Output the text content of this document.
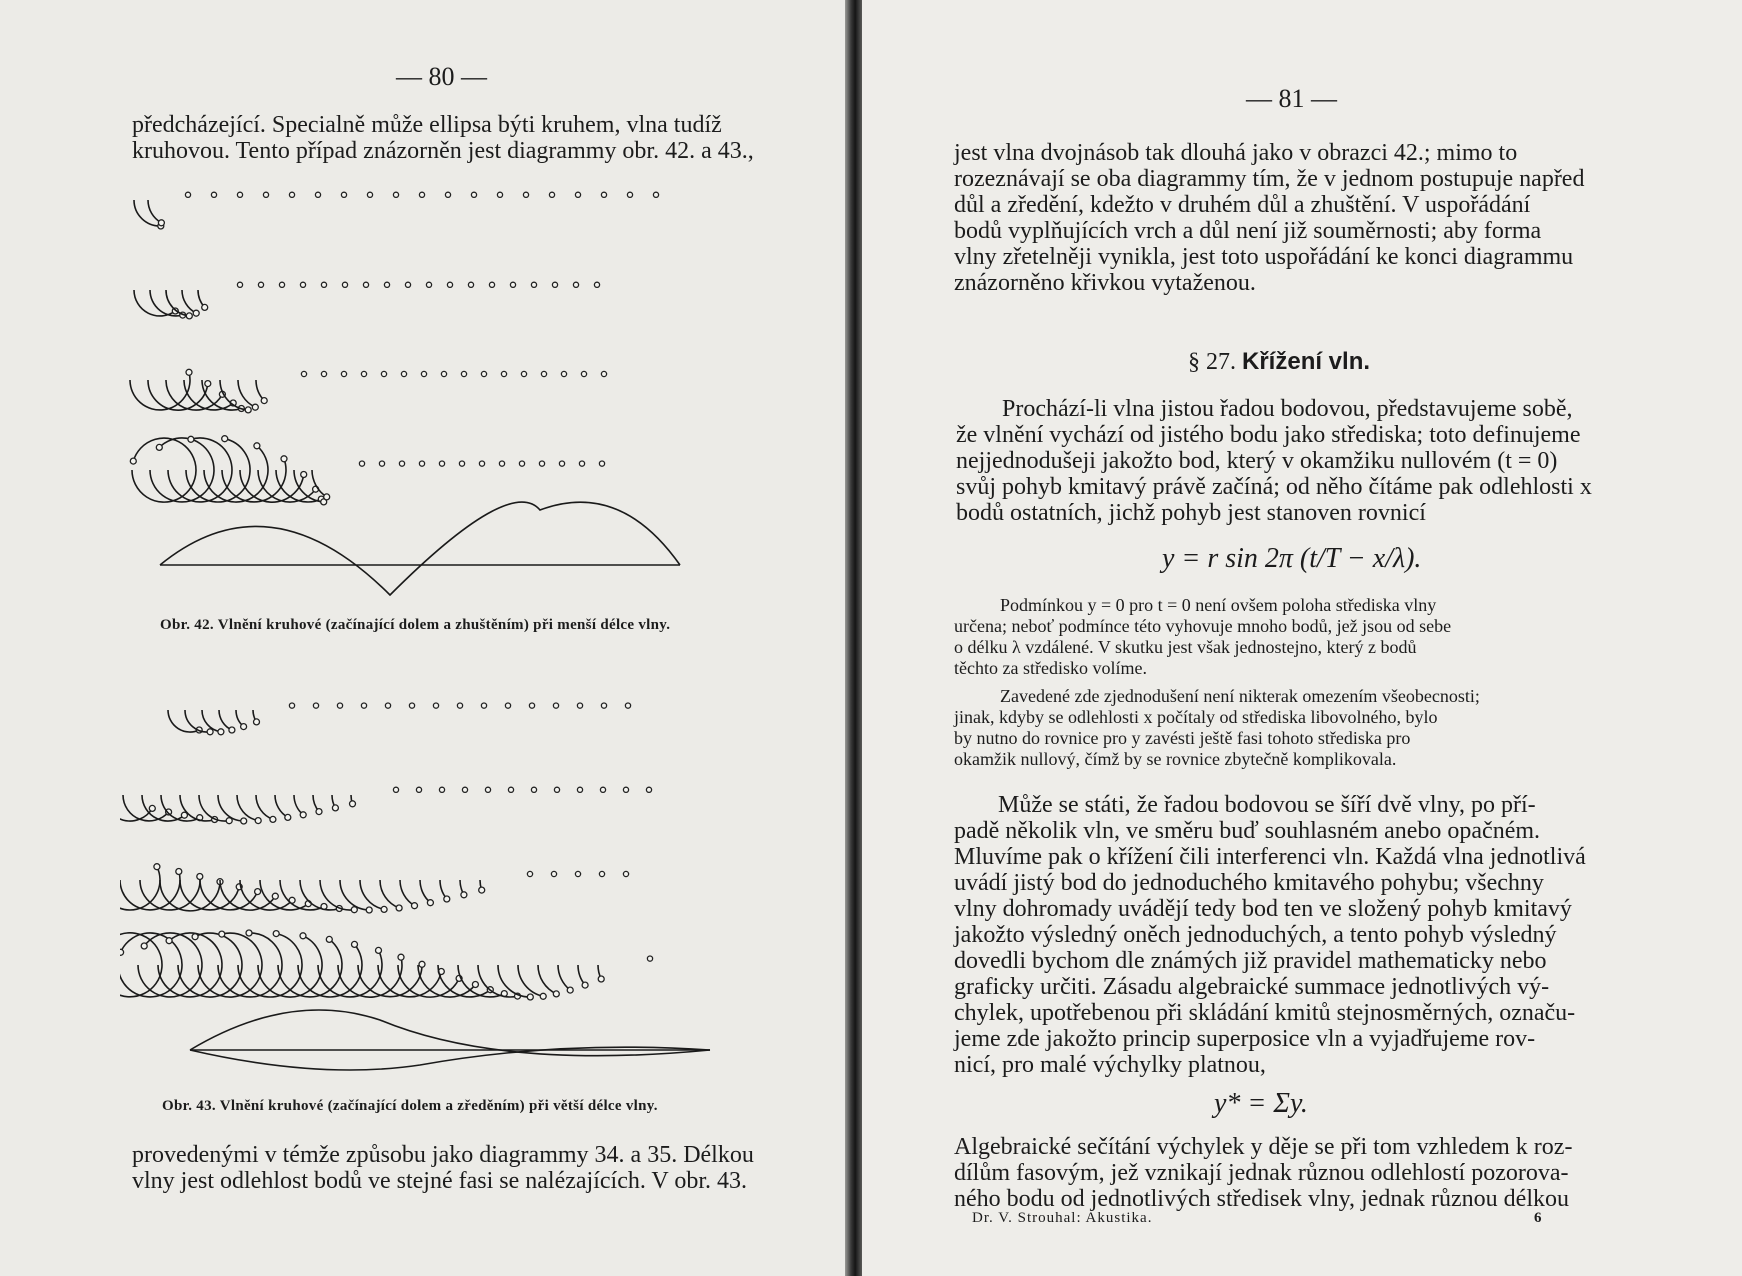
— 80 —
předcházející. Specialně může ellipsa býti kruhem, vlna tudíž
kruhovou. Tento případ znázorněn jest diagrammy obr. 42. a 43.,
Obr. 42. Vlnění kruhové (začínající dolem a zhuštěním) při menší délce vlny.
Obr. 43. Vlnění kruhové (začínající dolem a zředěním) při větší délce vlny.
provedenými v témže způsobu jako diagrammy 34. a 35. Délkou
vlny jest odlehlost bodů ve stejné fasi se nalézajících. V obr. 43.
— 81 —
jest vlna dvojnásob tak dlouhá jako v obrazci 42.; mimo to
rozeznávají se oba diagrammy tím, že v jednom postupuje napřed
důl a zředění, kdežto v druhém důl a zhuštění. V uspořádání
bodů vyplňujících vrch a důl není již souměrnosti; aby forma
vlny zřetelněji vynikla, jest toto uspořádání ke konci diagrammu
znázorněno křivkou vytaženou.
§ 27. Křížení vln.
Prochází-li vlna jistou řadou bodovou, představujeme sobě,
že vlnění vychází od jistého bodu jako střediska; toto definujeme
nejjednodušeji jakožto bod, který v okamžiku nullovém (t = 0)
svůj pohyb kmitavý právě začíná; od něho čítáme pak odlehlosti x
bodů ostatních, jichž pohyb jest stanoven rovnicí
y = r sin 2π (t/T − x/λ).
Podmínkou y = 0 pro t = 0 není ovšem poloha střediska vlny
určena; neboť podmínce této vyhovuje mnoho bodů, jež jsou od sebe
o délku λ vzdálené. V skutku jest však jednostejno, který z bodů
těchto za středisko volíme.
Zavedené zde zjednodušení není nikterak omezením všeobecnosti;
jinak, kdyby se odlehlosti x počítaly od střediska libovolného, bylo
by nutno do rovnice pro y zavésti ještě fasi tohoto střediska pro
okamžik nullový, čímž by se rovnice zbytečně komplikovala.
Může se státi, že řadou bodovou se šíří dvě vlny, po pří-
padě několik vln, ve směru buď souhlasném anebo opačném.
Mluvíme pak o křížení čili interferenci vln. Každá vlna jednotlivá
uvádí jistý bod do jednoduchého kmitavého pohybu; všechny
vlny dohromady uvádějí tedy bod ten ve složený pohyb kmitavý
jakožto výsledný oněch jednoduchých, a tento pohyb výsledný
dovedli bychom dle známých již pravidel mathematicky nebo
graficky určiti. Zásadu algebraické summace jednotlivých vý-
chylek, upotřebenou při skládání kmitů stejnosměrných, označu-
jeme zde jakožto princip superposice vln a vyjadřujeme rov-
nicí, pro malé výchylky platnou,
y* = Σy.
Algebraické sečítání výchylek y děje se při tom vzhledem k roz-
dílům fasovým, jež vznikají jednak různou odlehlostí pozorova-
ného bodu od jednotlivých středisek vlny, jednak různou délkou
Dr. V. Strouhal: Akustika.	6
